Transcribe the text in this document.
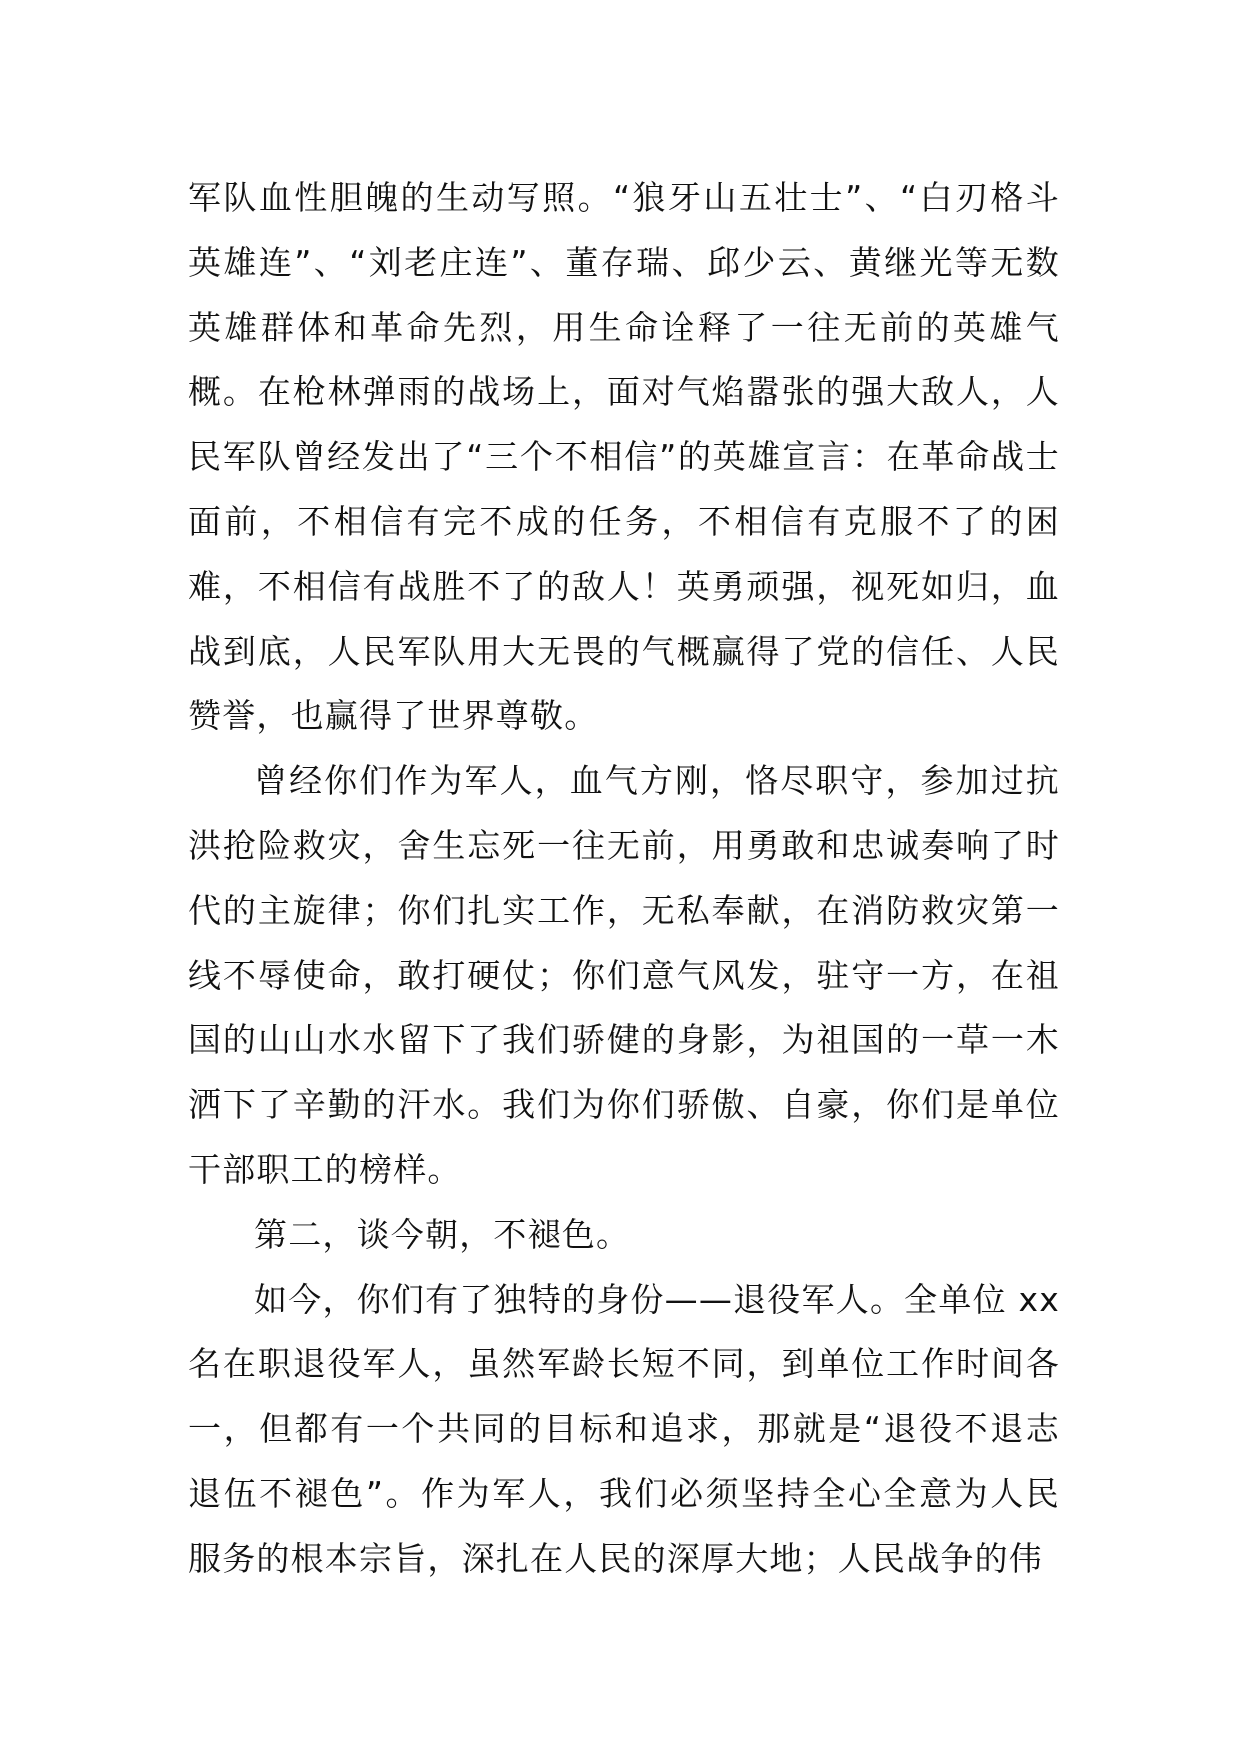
军队血性胆魄的生动写照。“狼牙山五壮士”、“白刃格斗英雄连”、“刘老庄连”、董存瑞、邱少云、黄继光等无数英雄群体和革命先烈，用生命诠释了一往无前的英雄气概。在枪林弹雨的战场上，面对气焰嚣张的强大敌人，人民军队曾经发出了“三个不相信”的英雄宣言：在革命战士面前，不相信有完不成的任务，不相信有克服不了的困难，不相信有战胜不了的敌人！英勇顽强，视死如归，血战到底，人民军队用大无畏的气概赢得了党的信任、人民赞誉，也赢得了世界尊敬。

曾经你们作为军人，血气方刚，恪尽职守，参加过抗洪抢险救灾，舍生忘死一往无前，用勇敢和忠诚奏响了时代的主旋律；你们扎实工作，无私奉献，在消防救灾第一线不辱使命，敢打硬仗；你们意气风发，驻守一方，在祖国的山山水水留下了我们骄健的身影，为祖国的一草一木洒下了辛勤的汗水。我们为你们骄傲、自豪，你们是单位干部职工的榜样。

第二，谈今朝，不褪色。

如今，你们有了独特的身份——退役军人。全单位 xx 名在职退役军人，虽然军龄长短不同，到单位工作时间各一，但都有一个共同的目标和追求，那就是“退役不退志 退伍不褪色”。作为军人，我们必须坚持全心全意为人民服务的根本宗旨，深扎在人民的深厚大地；人民战争的伟
